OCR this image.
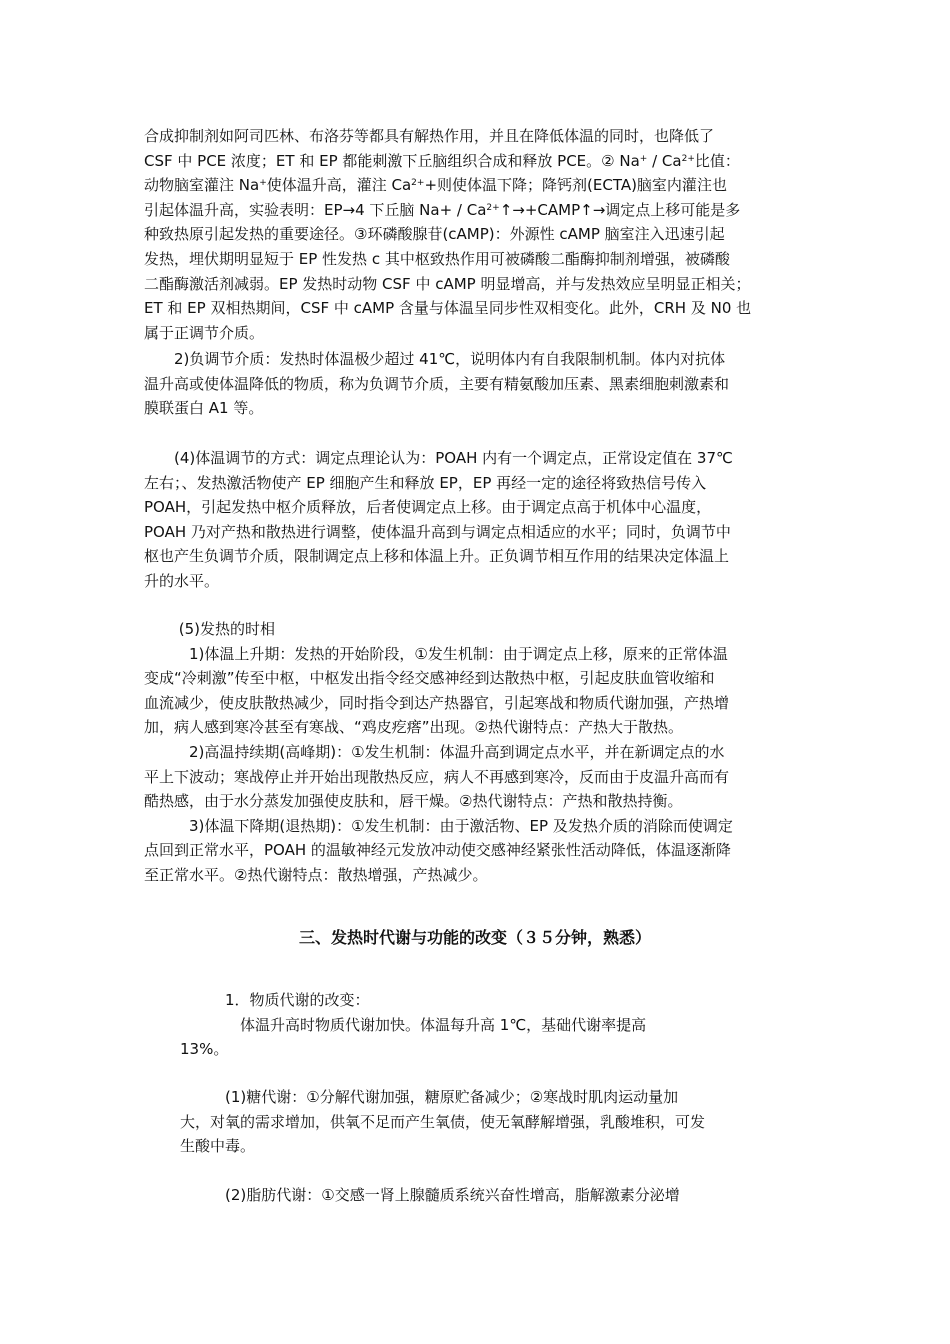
合成抑制剂如阿司匹林、布洛芬等都具有解热作用，并且在降低体温的同时，也降低了
CSF 中 PCE 浓度；ET 和 EP 都能刺激下丘脑组织合成和释放 PCE。② $Na^+ / Ca^{2+}$比值：
动物脑室灌注 Na+使体温升高，灌注 $Ca^{2+}+$则使体温下降；降钙剂(ECTA)脑室内灌注也
引起体温升高，实验表明：EP→4 下丘脑 $Na+ / Ca^{2+}↑\to+CAMP↑\to$调定点上移可能是多
种致热原引起发热的重要途径。③环磷酸腺苷(cAMP)：外源性 cAMP 脑室注入迅速引起
发热，埋伏期明显短于 EP 性发热 c 其中枢致热作用可被磷酸二酯酶抑制剂增强，被磷酸
二酯酶激活剂减弱。EP 发热时动物 CSF 中 cAMP 明显增高，并与发热效应呈明显正相关；
ET 和 EP 双相热期间，CSF 中 cAMP 含量与体温呈同步性双相变化。此外，CRH 及 N0 也
属于正调节介质。
　　2)负调节介质：发热时体温极少超过 41℃，说明体内有自我限制机制。体内对抗体
温升高或使体温降低的物质，称为负调节介质，主要有精氨酸加压素、黑素细胞刺激素和
膜联蛋白 A1 等。
　　(4)体温调节的方式：调定点理论认为：POAH 内有一个调定点，正常设定值在 37℃
左右；、发热激活物使产 EP 细胞产生和释放 EP，EP 再经一定的途径将致热信号传入
POAH，引起发热中枢介质释放，后者使调定点上移。由于调定点高于机体中心温度，
POAH 乃对产热和散热进行调整，使体温升高到与调定点相适应的水平；同时，负调节中
枢也产生负调节介质，限制调定点上移和体温上升。正负调节相互作用的结果决定体温上
升的水平。
　　 (5)发热的时相
　　　1)体温上升期：发热的开始阶段，①发生机制：由于调定点上移，原来的正常体温
变成“冷刺激”传至中枢，中枢发出指令经交感神经到达散热中枢，引起皮肤血管收缩和
血流减少，使皮肤散热减少，同时指令到达产热器官，引起寒战和物质代谢加强，产热增
加，病人感到寒冷甚至有寒战、“鸡皮疙瘩”出现。②热代谢特点：产热大于散热。
　　　2)高温持续期(高峰期)：①发生机制：体温升高到调定点水平，并在新调定点的水
平上下波动；寒战停止并开始出现散热反应，病人不再感到寒冷，反而由于皮温升高而有
酷热感，由于水分蒸发加强使皮肤和，唇干燥。②热代谢特点：产热和散热持衡。
　　　3)体温下降期(退热期)：①发生机制：由于激活物、EP 及发热介质的消除而使调定
点回到正常水平，POAH 的温敏神经元发放冲动使交感神经紧张性活动降低，体温逐渐降
至正常水平。②热代谢特点：散热增强，产热减少。
三、发热时代谢与功能的改变（３５分钟，熟悉）
　　　1．物质代谢的改变：
　　　　体温升高时物质代谢加快。体温每升高 1℃，基础代谢率提高
13%。
　　　(1)糖代谢：①分解代谢加强，糖原贮备减少；②寒战时肌肉运动量加
大，对氧的需求增加，供氧不足而产生氧债，使无氧酵解增强，乳酸堆积，可发
生酸中毒。
　　　(2)脂肪代谢：①交感一肾上腺髓质系统兴奋性增高，脂解激素分泌增
